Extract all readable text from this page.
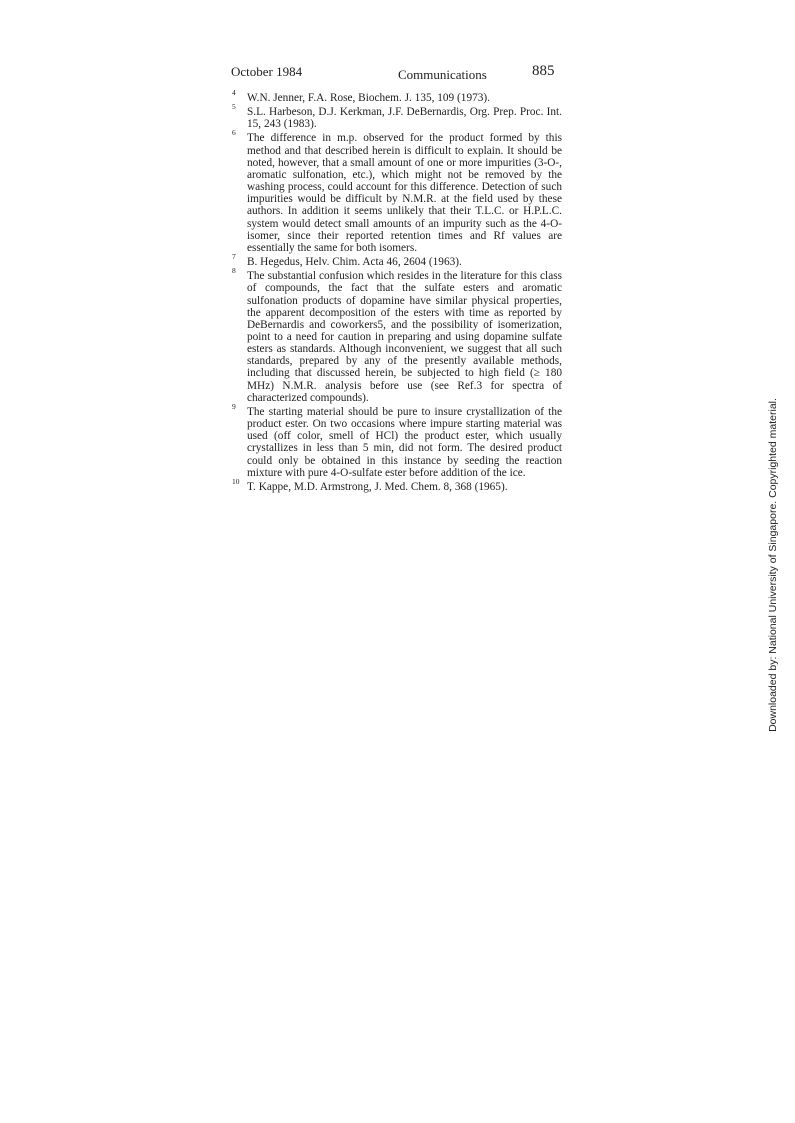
October 1984	Communications	885
4 W.N. Jenner, F.A. Rose, Biochem. J. 135, 109 (1973).
5 S.L. Harbeson, D.J. Kerkman, J.F. DeBernardis, Org. Prep. Proc. Int. 15, 243 (1983).
6 The difference in m.p. observed for the product formed by this method and that described herein is difficult to explain. It should be noted, however, that a small amount of one or more impurities (3-O-, aromatic sulfonation, etc.), which might not be removed by the washing process, could account for this difference. Detection of such impurities would be difficult by N.M.R. at the field used by these authors. In addition it seems unlikely that their T.L.C. or H.P.L.C. system would detect small amounts of an impurity such as the 4-O-isomer, since their reported retention times and Rf values are essentially the same for both isomers.
7 B. Hegedus, Helv. Chim. Acta 46, 2604 (1963).
8 The substantial confusion which resides in the literature for this class of compounds, the fact that the sulfate esters and aromatic sulfonation products of dopamine have similar physical properties, the apparent decomposition of the esters with time as reported by DeBernardis and coworkers5, and the possibility of isomerization, point to a need for caution in preparing and using dopamine sulfate esters as standards. Although inconvenient, we suggest that all such standards, prepared by any of the presently available methods, including that discussed herein, be subjected to high field (≥ 180 MHz) N.M.R. analysis before use (see Ref.3 for spectra of characterized compounds).
9 The starting material should be pure to insure crystallization of the product ester. On two occasions where impure starting material was used (off color, smell of HCl) the product ester, which usually crystallizes in less than 5 min, did not form. The desired product could only be obtained in this instance by seeding the reaction mixture with pure 4-O-sulfate ester before addition of the ice.
10 T. Kappe, M.D. Armstrong, J. Med. Chem. 8, 368 (1965).	Downloaded by: National University of Singapore. Copyrighted material.
